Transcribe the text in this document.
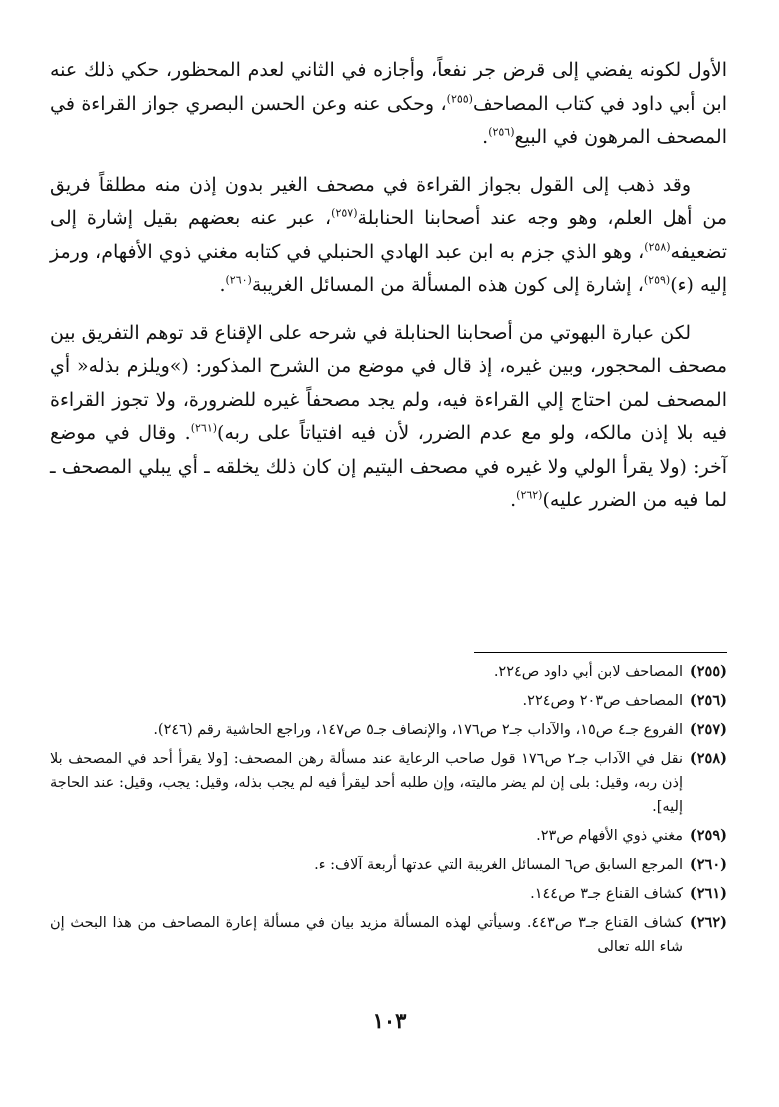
الأول لكونه يفضي إلى قرض جر نفعاً، وأجازه في الثاني لعدم المحظور، حكي ذلك عنه ابن أبي داود في كتاب المصاحف$^{(٢٥٥)}$، وحكى عنه وعن الحسن البصري جواز القراءة في المصحف المرهون في البيع$^{(٢٥٦)}$.

وقد ذهب إلى القول بجواز القراءة في مصحف الغير بدون إذن منه مطلقاً فريق من أهل العلم، وهو وجه عند أصحابنا الحنابلة$^{(٢٥٧)}$، عبر عنه بعضهم بقيل إشارة إلى تضعيفه$^{(٢٥٨)}$، وهو الذي جزم به ابن عبد الهادي الحنبلي في كتابه مغني ذوي الأفهام، ورمز إليه (ء)$^{(٢٥٩)}$، إشارة إلى كون هذه المسألة من المسائل الغريبة$^{(٢٦٠)}$.

لكن عبارة البهوتي من أصحابنا الحنابلة في شرحه على الإقناع قد توهم التفريق بين مصحف المحجور، وبين غيره، إذ قال في موضع من الشرح المذكور: (»ويلزم بذله« أي المصحف لمن احتاج إلي القراءة فيه، ولم يجد مصحفاً غيره للضرورة، ولا تجوز القراءة فيه بلا إذن مالكه، ولو مع عدم الضرر، لأن فيه افتياتاً على ربه)$^{(٢٦١)}$. وقال في موضع آخر: (ولا يقرأ الولي ولا غيره في مصحف اليتيم إن كان ذلك يخلقه ـ أي يبلي المصحف ـ لما فيه من الضرر عليه)$^{(٢٦٢)}$.

(٢٥٥)المصاحف لابن أبي داود ص٢٢٤.
(٢٥٦)المصاحف ص٢٠٣ وص٢٢٤.
(٢٥٧)الفروع جـ٤ ص١٥، والآداب جـ٢ ص١٧٦، والإنصاف جـ٥ ص١٤٧، وراجع الحاشية رقم (٢٤٦).
(٢٥٨)نقل في الآداب جـ٢ ص١٧٦ قول صاحب الرعاية عند مسألة رهن المصحف: [ولا يقرأ أحد في المصحف بلا إذن ربه، وقيل: بلى إن لم يضر ماليته، وإن طلبه أحد ليقرأ فيه لم يجب بذله، وقيل: يجب، وقيل: عند الحاجة إليه].
(٢٥٩)مغني ذوي الأفهام ص٢٣.
(٢٦٠)المرجع السابق ص٦ المسائل الغريبة التي عدتها أربعة آلاف: ء.
(٢٦١)كشاف القناع جـ٣ ص١٤٤.
(٢٦٢)كشاف القناع جـ٣ ص٤٤٣. وسيأتي لهذه المسألة مزيد بيان في مسألة إعارة المصاحف من هذا البحث إن شاء الله تعالى
١٠٣
